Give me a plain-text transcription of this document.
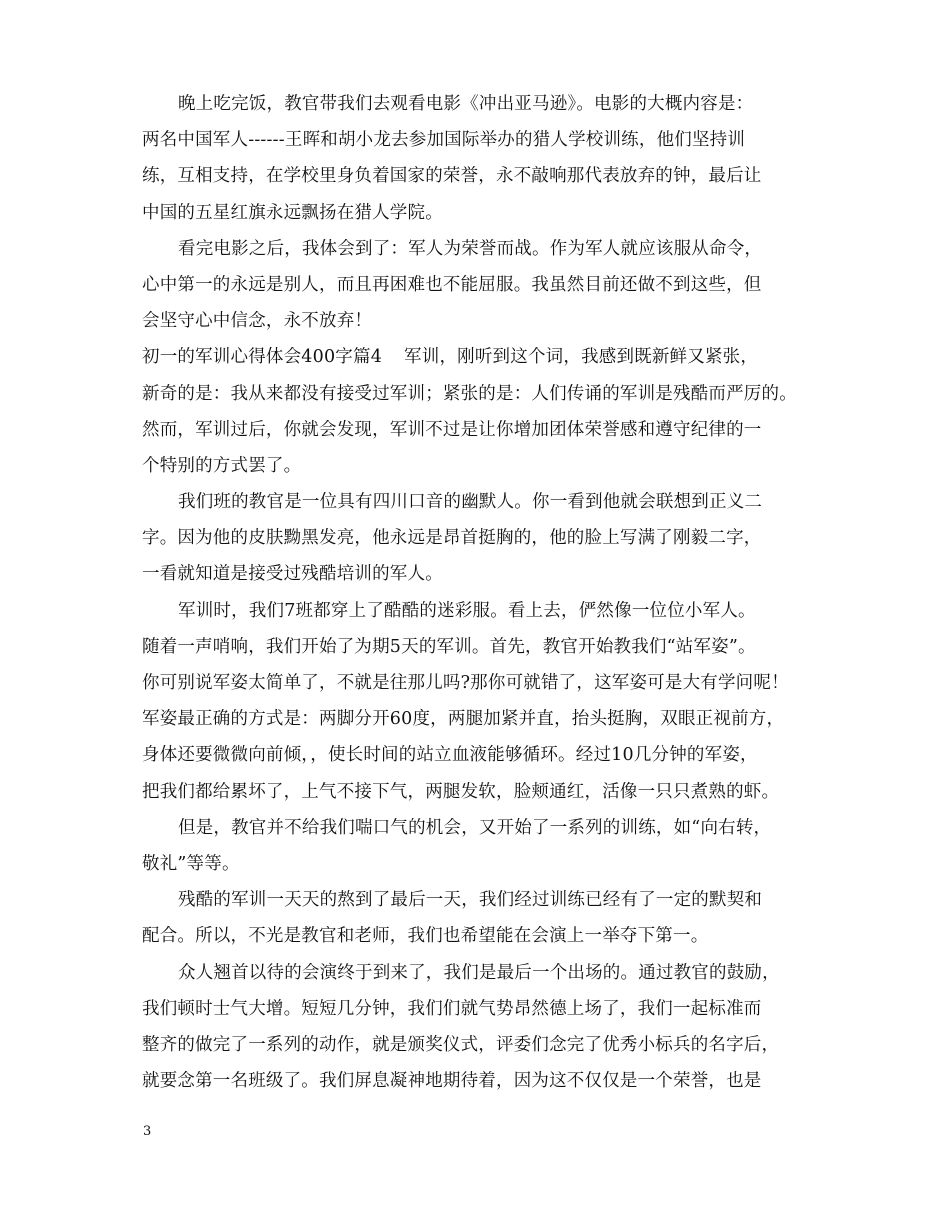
晚上吃完饭，教官带我们去观看电影《冲出亚马逊》。电影的大概内容是：
两名中国军人------王晖和胡小龙去参加国际举办的猎人学校训练，他们坚持训
练，互相支持，在学校里身负着国家的荣誉，永不敲响那代表放弃的钟，最后让
中国的五星红旗永远飘扬在猎人学院。
看完电影之后，我体会到了：军人为荣誉而战。作为军人就应该服从命令，
心中第一的永远是别人，而且再困难也不能屈服。我虽然目前还做不到这些，但
会坚守心中信念，永不放弃！
初一的军训心得体会400字篇4 军训，刚听到这个词，我感到既新鲜又紧张，
新奇的是：我从来都没有接受过军训；紧张的是：人们传诵的军训是残酷而严厉的。
然而，军训过后，你就会发现，军训不过是让你增加团体荣誉感和遵守纪律的一
个特别的方式罢了。
我们班的教官是一位具有四川口音的幽默人。你一看到他就会联想到正义二
字。因为他的皮肤黝黑发亮，他永远是昂首挺胸的，他的脸上写满了刚毅二字，
一看就知道是接受过残酷培训的军人。
军训时，我们7班都穿上了酷酷的迷彩服。看上去，俨然像一位位小军人。
随着一声哨响，我们开始了为期5天的军训。首先，教官开始教我们“站军姿”。
你可别说军姿太简单了，不就是往那儿吗?那你可就错了，这军姿可是大有学问呢！
军姿最正确的方式是：两脚分开60度，两腿加紧并直，抬头挺胸，双眼正视前方，
身体还要微微向前倾，，使长时间的站立血液能够循环。经过10几分钟的军姿，
把我们都给累坏了，上气不接下气，两腿发软，脸颊通红，活像一只只煮熟的虾。
但是，教官并不给我们喘口气的机会，又开始了一系列的训练，如“向右转，
敬礼”等等。
残酷的军训一天天的熬到了最后一天，我们经过训练已经有了一定的默契和
配合。所以，不光是教官和老师，我们也希望能在会演上一举夺下第一。
众人翘首以待的会演终于到来了，我们是最后一个出场的。通过教官的鼓励，
我们顿时士气大增。短短几分钟，我们们就气势昂然德上场了，我们一起标准而
整齐的做完了一系列的动作，就是颁奖仪式，评委们念完了优秀小标兵的名字后，
就要念第一名班级了。我们屏息凝神地期待着，因为这不仅仅是一个荣誉，也是
3
